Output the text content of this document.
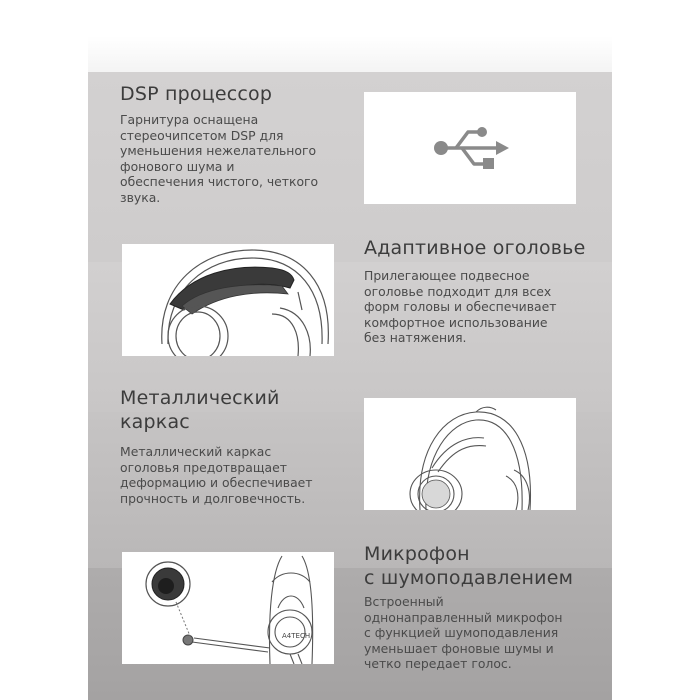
DSP процессор
Гарнитура оснащена
стереочипсетом DSP для
уменьшения нежелательного
фонового шума и
обеспечения чистого, четкого
звука.
Адаптивное оголовье
Прилегающее подвесное
оголовье подходит для всех
форм головы и обеспечивает
комфортное использование
без натяжения.
Металлический
каркас
Металлический каркас
оголовья предотвращает
деформацию и обеспечивает
прочность и долговечность.
A4TECH
Микрофон
с шумоподавлением
Встроенный
однонаправленный микрофон
с функцией шумоподавления
уменьшает фоновые шумы и
четко передает голос.
